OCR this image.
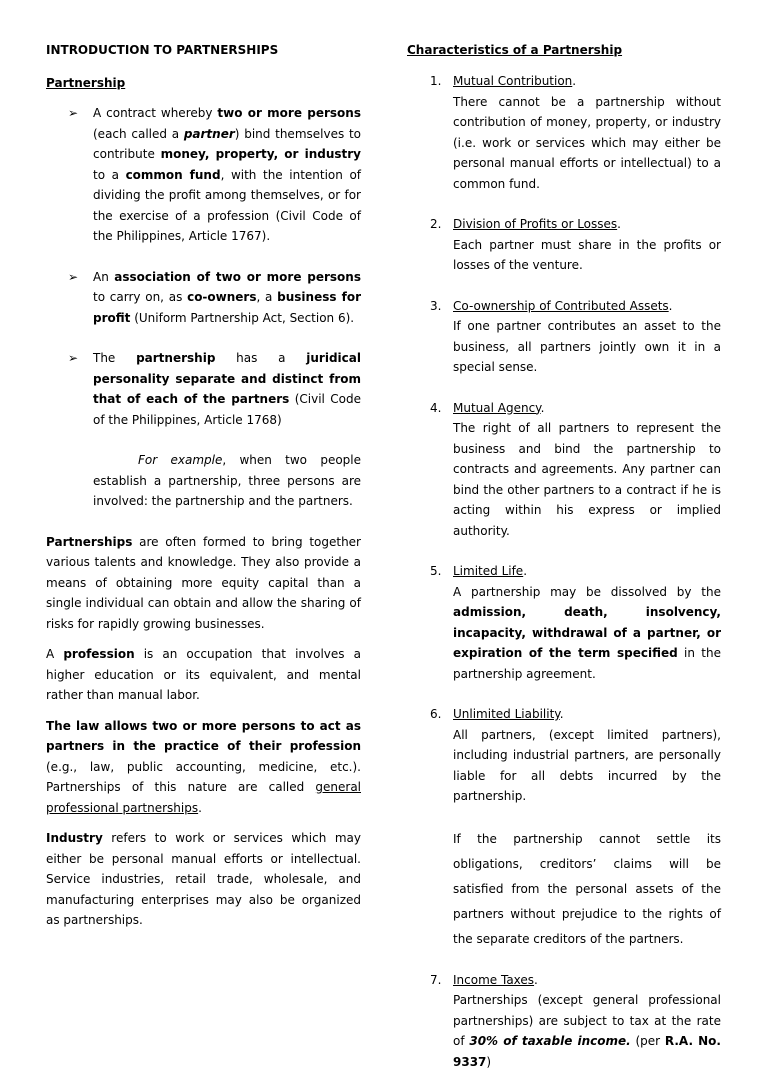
INTRODUCTION TO PARTNERSHIPS

Partnership

➢ A contract whereby two or more persons (each called a partner) bind themselves to contribute money, property, or industry to a common fund, with the intention of dividing the profit among themselves, or for the exercise of a profession (Civil Code of the Philippines, Article 1767).

➢ An association of two or more persons to carry on, as co-owners, a business for profit (Uniform Partnership Act, Section 6).

➢ The partnership has a juridical personality separate and distinct from that of each of the partners (Civil Code of the Philippines, Article 1768)

For example, when two people establish a partnership, three persons are involved: the partnership and the partners.

Partnerships are often formed to bring together various talents and knowledge. They also provide a means of obtaining more equity capital than a single individual can obtain and allow the sharing of risks for rapidly growing businesses.

A profession is an occupation that involves a higher education or its equivalent, and mental rather than manual labor.

The law allows two or more persons to act as partners in the practice of their profession (e.g., law, public accounting, medicine, etc.). Partnerships of this nature are called general professional partnerships.

Industry refers to work or services which may either be personal manual efforts or intellectual. Service industries, retail trade, wholesale, and manufacturing enterprises may also be organized as partnerships.

Characteristics of a Partnership

1. Mutual Contribution.

There cannot be a partnership without contribution of money, property, or industry (i.e. work or services which may either be personal manual efforts or intellectual) to a common fund.

2. Division of Profits or Losses.

Each partner must share in the profits or losses of the venture.

3. Co-ownership of Contributed Assets.

If one partner contributes an asset to the business, all partners jointly own it in a special sense.

4. Mutual Agency.

The right of all partners to represent the business and bind the partnership to contracts and agreements. Any partner can bind the other partners to a contract if he is acting within his express or implied authority.

5. Limited Life.

A partnership may be dissolved by the admission, death, insolvency, incapacity, withdrawal of a partner, or expiration of the term specified in the partnership agreement.

6. Unlimited Liability.

All partners, (except limited partners), including industrial partners, are personally liable for all debts incurred by the partnership.

If the partnership cannot settle its obligations, creditors’ claims will be satisfied from the personal assets of the partners without prejudice to the rights of the separate creditors of the partners.

7. Income Taxes.

Partnerships (except general professional partnerships) are subject to tax at the rate of 30% of taxable income. (per R.A. No. 9337)
